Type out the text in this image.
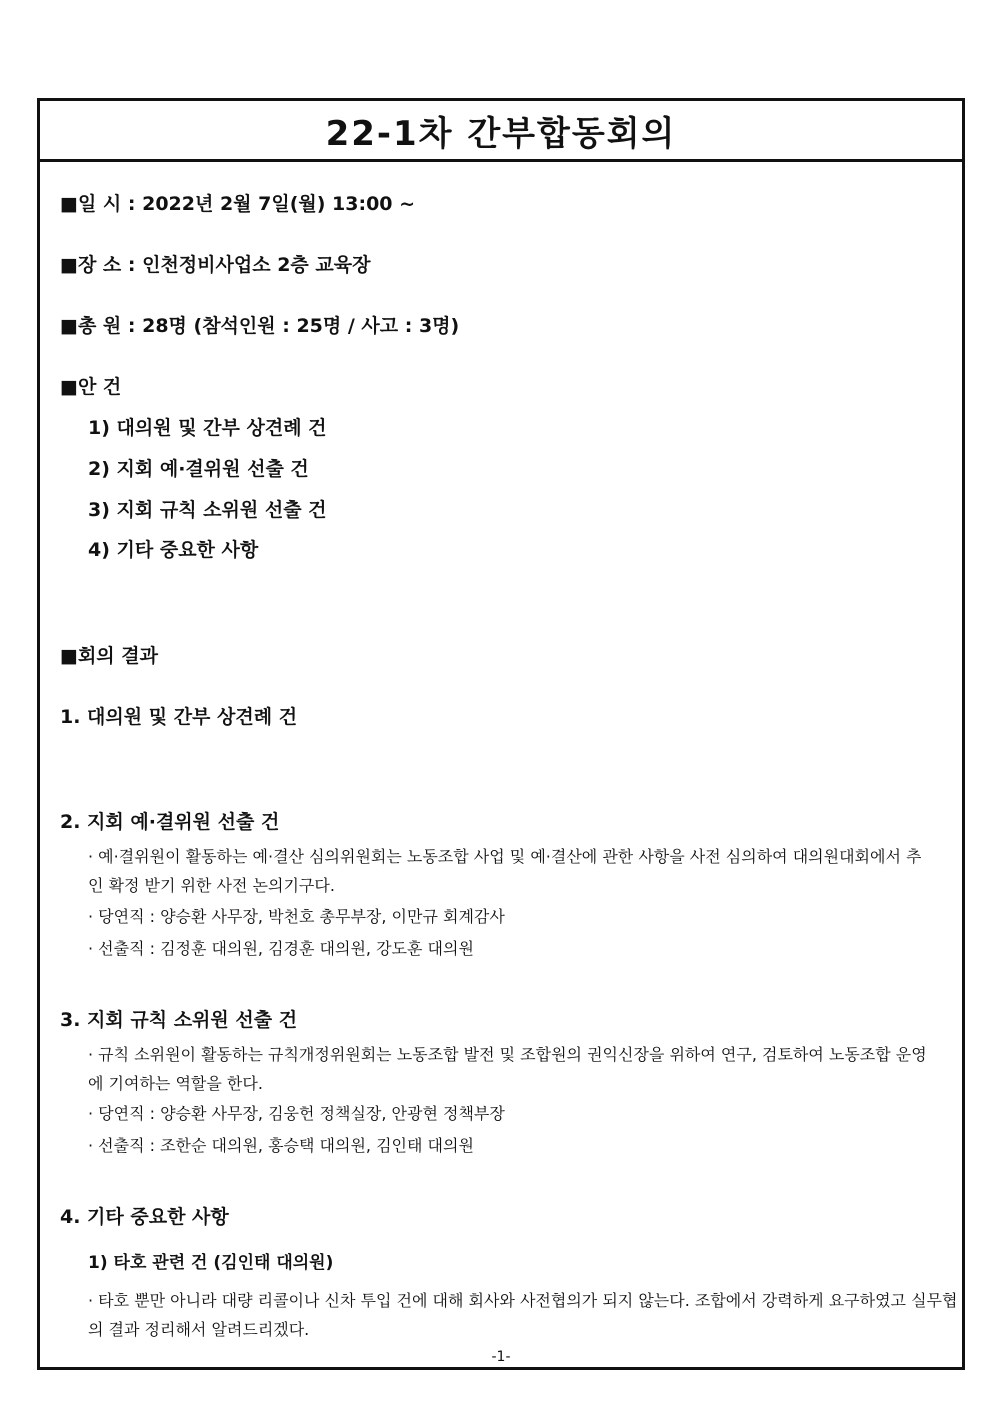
22-1차 간부합동회의
■일 시 : 2022년 2월 7일(월) 13:00 ~
■장 소 : 인천정비사업소 2층 교육장
■총 원 : 28명 (참석인원 : 25명 / 사고 : 3명)
■안 건
1) 대의원 및 간부 상견례 건
2) 지회 예·결위원 선출 건
3) 지회 규칙 소위원 선출 건
4) 기타 중요한 사항
■회의 결과
1. 대의원 및 간부 상견례 건
2. 지회 예·결위원 선출 건
· 예·결위원이 활동하는 예·결산 심의위원회는 노동조합 사업 및 예·결산에 관한 사항을 사전 심의하여 대의원대회에서 추인 확정 받기 위한 사전 논의기구다.
· 당연직 : 양승환 사무장, 박천호 총무부장, 이만규 회계감사
· 선출직 : 김정훈 대의원, 김경훈 대의원, 강도훈 대의원
3. 지회 규칙 소위원 선출 건
· 규칙 소위원이 활동하는 규칙개정위원회는 노동조합 발전 및 조합원의 권익신장을 위하여 연구, 검토하여 노동조합 운영에 기여하는 역할을 한다.
· 당연직 : 양승환 사무장, 김웅헌 정책실장, 안광현 정책부장
· 선출직 : 조한순 대의원, 홍승택 대의원, 김인태 대의원
4. 기타 중요한 사항
1) 타호 관련 건 (김인태 대의원)
· 타호 뿐만 아니라 대량 리콜이나 신차 투입 건에 대해 회사와 사전협의가 되지 않는다. 조합에서 강력하게 요구하였고 실무협의 결과 정리해서 알려드리겠다.
-1-
